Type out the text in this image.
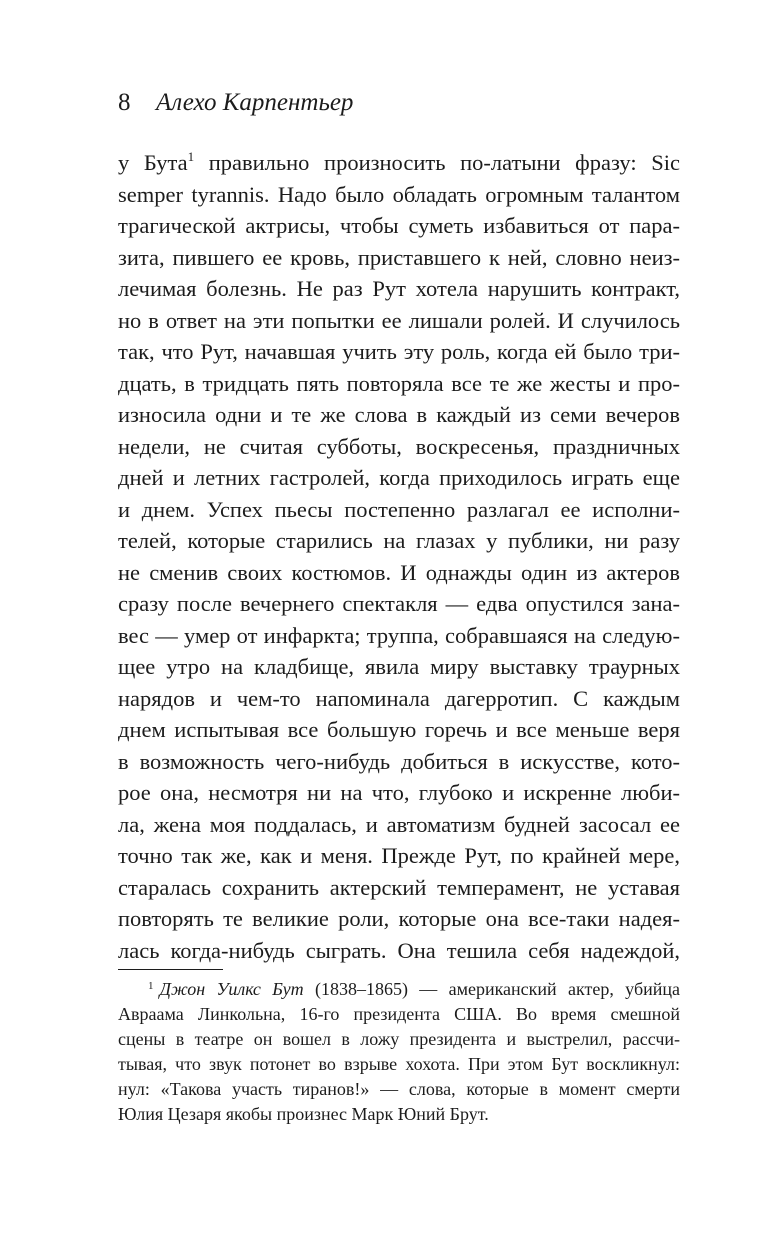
8 Алехо Карпентьер
у Бута$^1$ правильно произносить по-латыни фразу: Sic
semper tyrannis. Надо было обладать огромным талантом
трагической актрисы, чтобы суметь избавиться от пара-
зита, пившего ее кровь, приставшего к ней, словно неиз-
лечимая болезнь. Не раз Рут хотела нарушить контракт,
но в ответ на эти попытки ее лишали ролей. И случилось
так, что Рут, начавшая учить эту роль, когда ей было три-
дцать, в тридцать пять повторяла все те же жесты и про-
износила одни и те же слова в каждый из семи вечеров
недели, не считая субботы, воскресенья, праздничных
дней и летних гастролей, когда приходилось играть еще
и днем. Успех пьесы постепенно разлагал ее исполни-
телей, которые старились на глазах у публики, ни разу
не сменив своих костюмов. И однажды один из актеров
сразу после вечернего спектакля — едва опустился зана-
вес — умер от инфаркта; труппа, собравшаяся на следую-
щее утро на кладбище, явила миру выставку траурных
нарядов и чем-то напоминала дагерротип. С каждым
днем испытывая все большую горечь и все меньше веря
в возможность чего-нибудь добиться в искусстве, кото-
рое она, несмотря ни на что, глубоко и искренне люби-
ла, жена моя поддалась, и автоматизм будней засосал ее
точно так же, как и меня. Прежде Рут, по крайней мере,
старалась сохранить актерский темперамент, не уставая
повторять те великие роли, которые она все-таки надея-
лась когда-нибудь сыграть. Она тешила себя надеждой,
$^1$ Джон Уилкс Бут (1838–1865) — американский актер, убийца
Авраама Линкольна, 16-го президента США. Во время смешной
сцены в театре он вошел в ложу президента и выстрелил, рассчи-
тывая, что звук потонет во взрыве хохота. При этом Бут воскликнул:
нул: «Такова участь тиранов!» — слова, которые в момент смерти
Юлия Цезаря якобы произнес Марк Юний Брут.
